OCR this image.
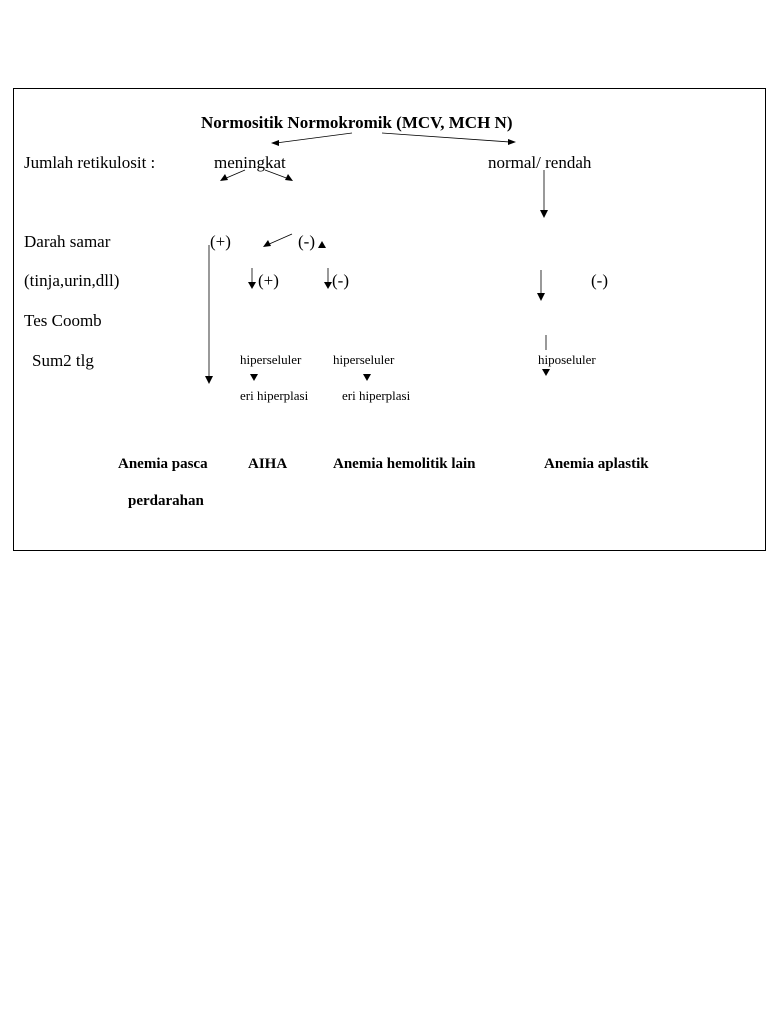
Normositik Normokromik (MCV, MCH N)
Jumlah retikulosit :	meningkat	normal/ rendah
Darah samar	(+)	(-)
(tinja,urin,dll)	(+)	(-)	(-)
Tes Coomb
Sum2 tlg	hiperseluler hiperseluler	hiposeluler
eri hiperplasi	eri hiperplasi
Anemia pasca
perdarahan
AIHA	Anemia hemolitik lain	Anemia aplastik
